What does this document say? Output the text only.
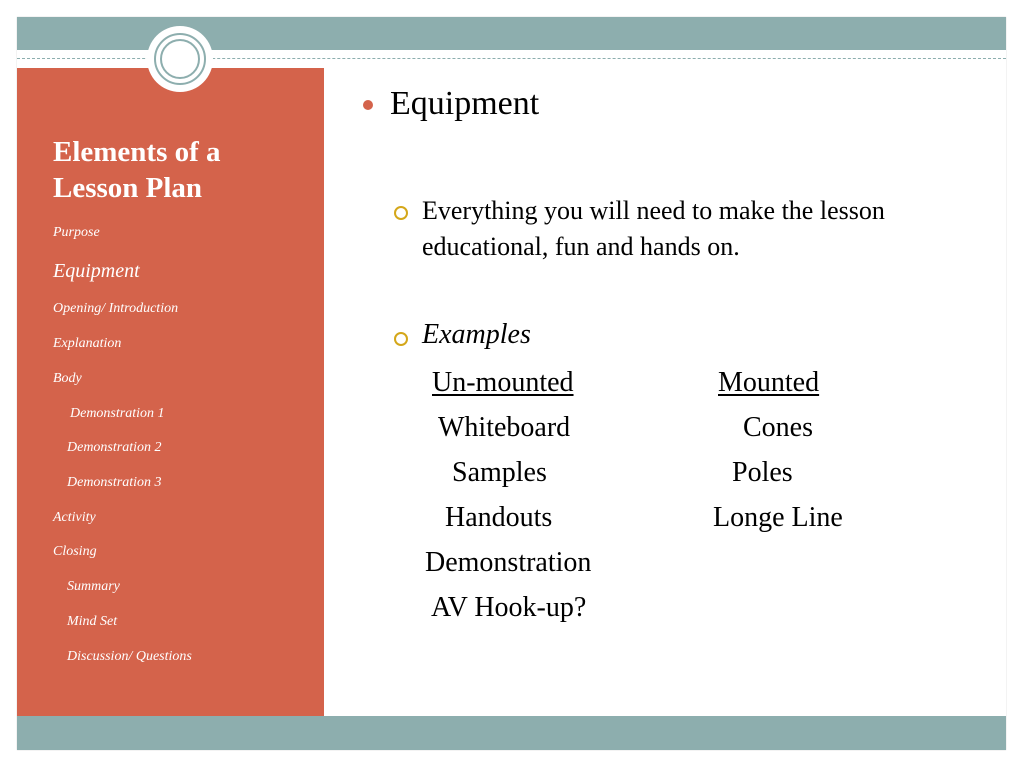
Elements of a Lesson Plan
Purpose
Equipment
Opening/ Introduction
Explanation
Body
Demonstration 1
Demonstration 2
Demonstration 3
Activity
Closing
Summary
Mind Set
Discussion/ Questions
Equipment

Everything you will need to make the lesson educational, fun and hands on.

Examples
Un-mounted	Mounted
Whiteboard
Samples
Handouts
Demonstration
AV Hook-up?
Cones
Poles
Longe Line
